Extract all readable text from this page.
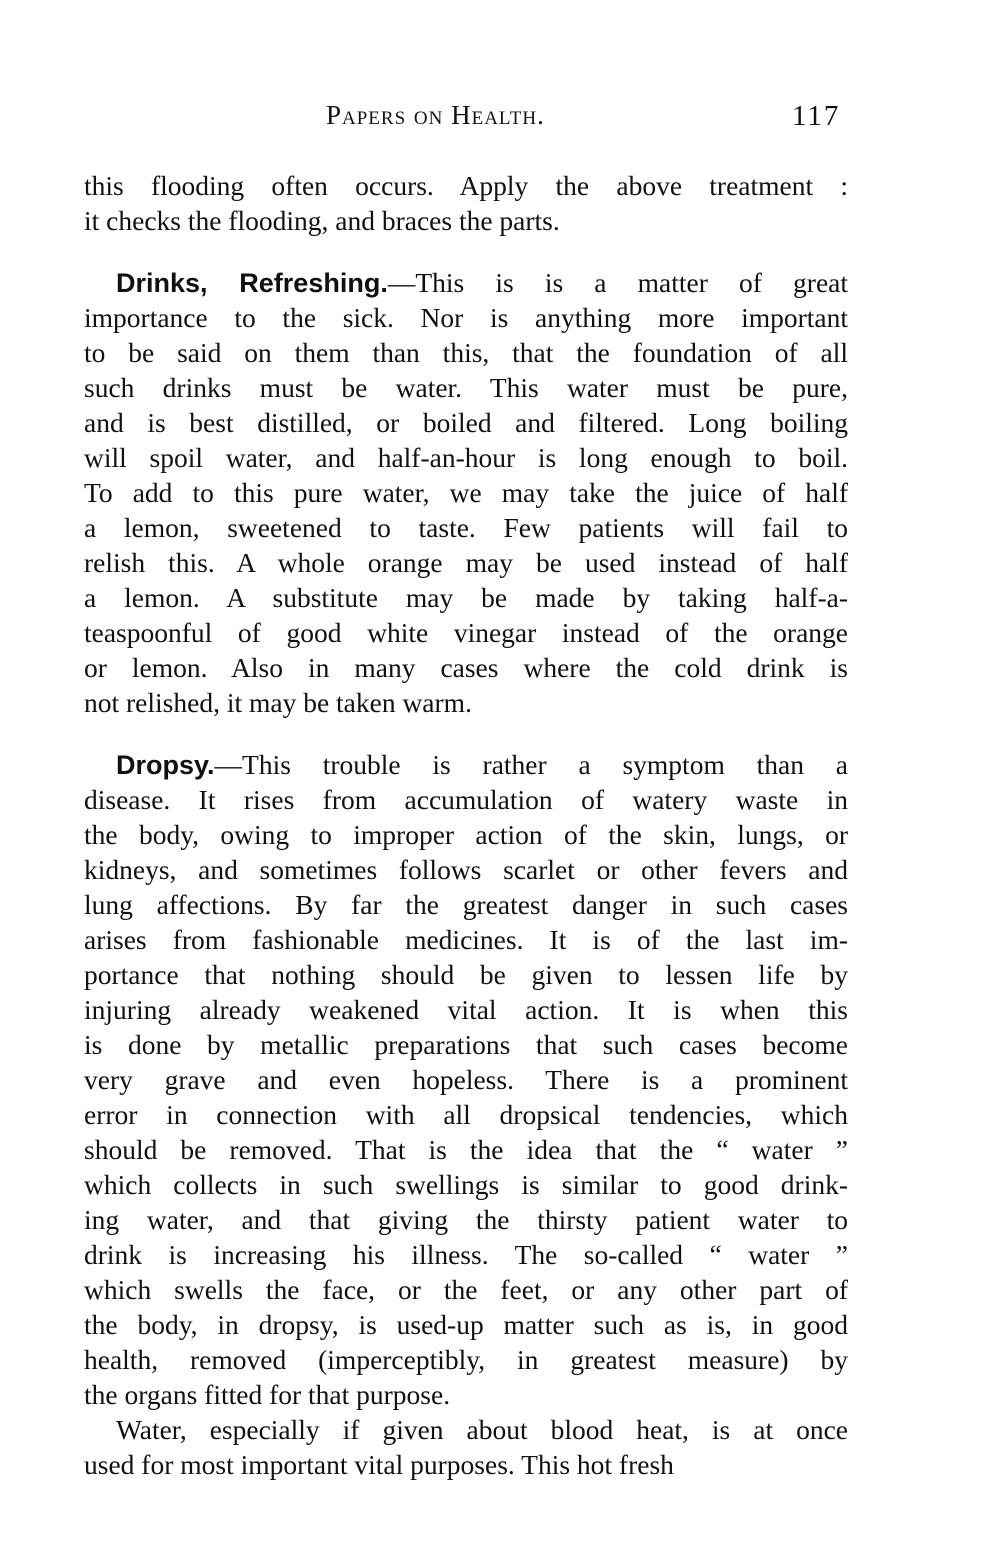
Papers on Health.	117
this flooding often occurs. Apply the above treatment :
it checks the flooding, and braces the parts.
Drinks, Refreshing.—This is is a matter of great
importance to the sick. Nor is anything more important
to be said on them than this, that the foundation of all
such drinks must be water. This water must be pure,
and is best distilled, or boiled and filtered. Long boiling
will spoil water, and half-an-hour is long enough to boil.
To add to this pure water, we may take the juice of half
a lemon, sweetened to taste. Few patients will fail to
relish this. A whole orange may be used instead of half
a lemon. A substitute may be made by taking half-a-
teaspoonful of good white vinegar instead of the orange
or lemon. Also in many cases where the cold drink is
not relished, it may be taken warm.
Dropsy.—This trouble is rather a symptom than a
disease. It rises from accumulation of watery waste in
the body, owing to improper action of the skin, lungs, or
kidneys, and sometimes follows scarlet or other fevers and
lung affections. By far the greatest danger in such cases
arises from fashionable medicines. It is of the last im-
portance that nothing should be given to lessen life by
injuring already weakened vital action. It is when this
is done by metallic preparations that such cases become
very grave and even hopeless. There is a prominent
error in connection with all dropsical tendencies, which
should be removed. That is the idea that the “ water ”
which collects in such swellings is similar to good drink-
ing water, and that giving the thirsty patient water to
drink is increasing his illness. The so-called “ water ”
which swells the face, or the feet, or any other part of
the body, in dropsy, is used-up matter such as is, in good
health, removed (imperceptibly, in greatest measure) by
the organs fitted for that purpose.
Water, especially if given about blood heat, is at once
used for most important vital purposes. This hot fresh
